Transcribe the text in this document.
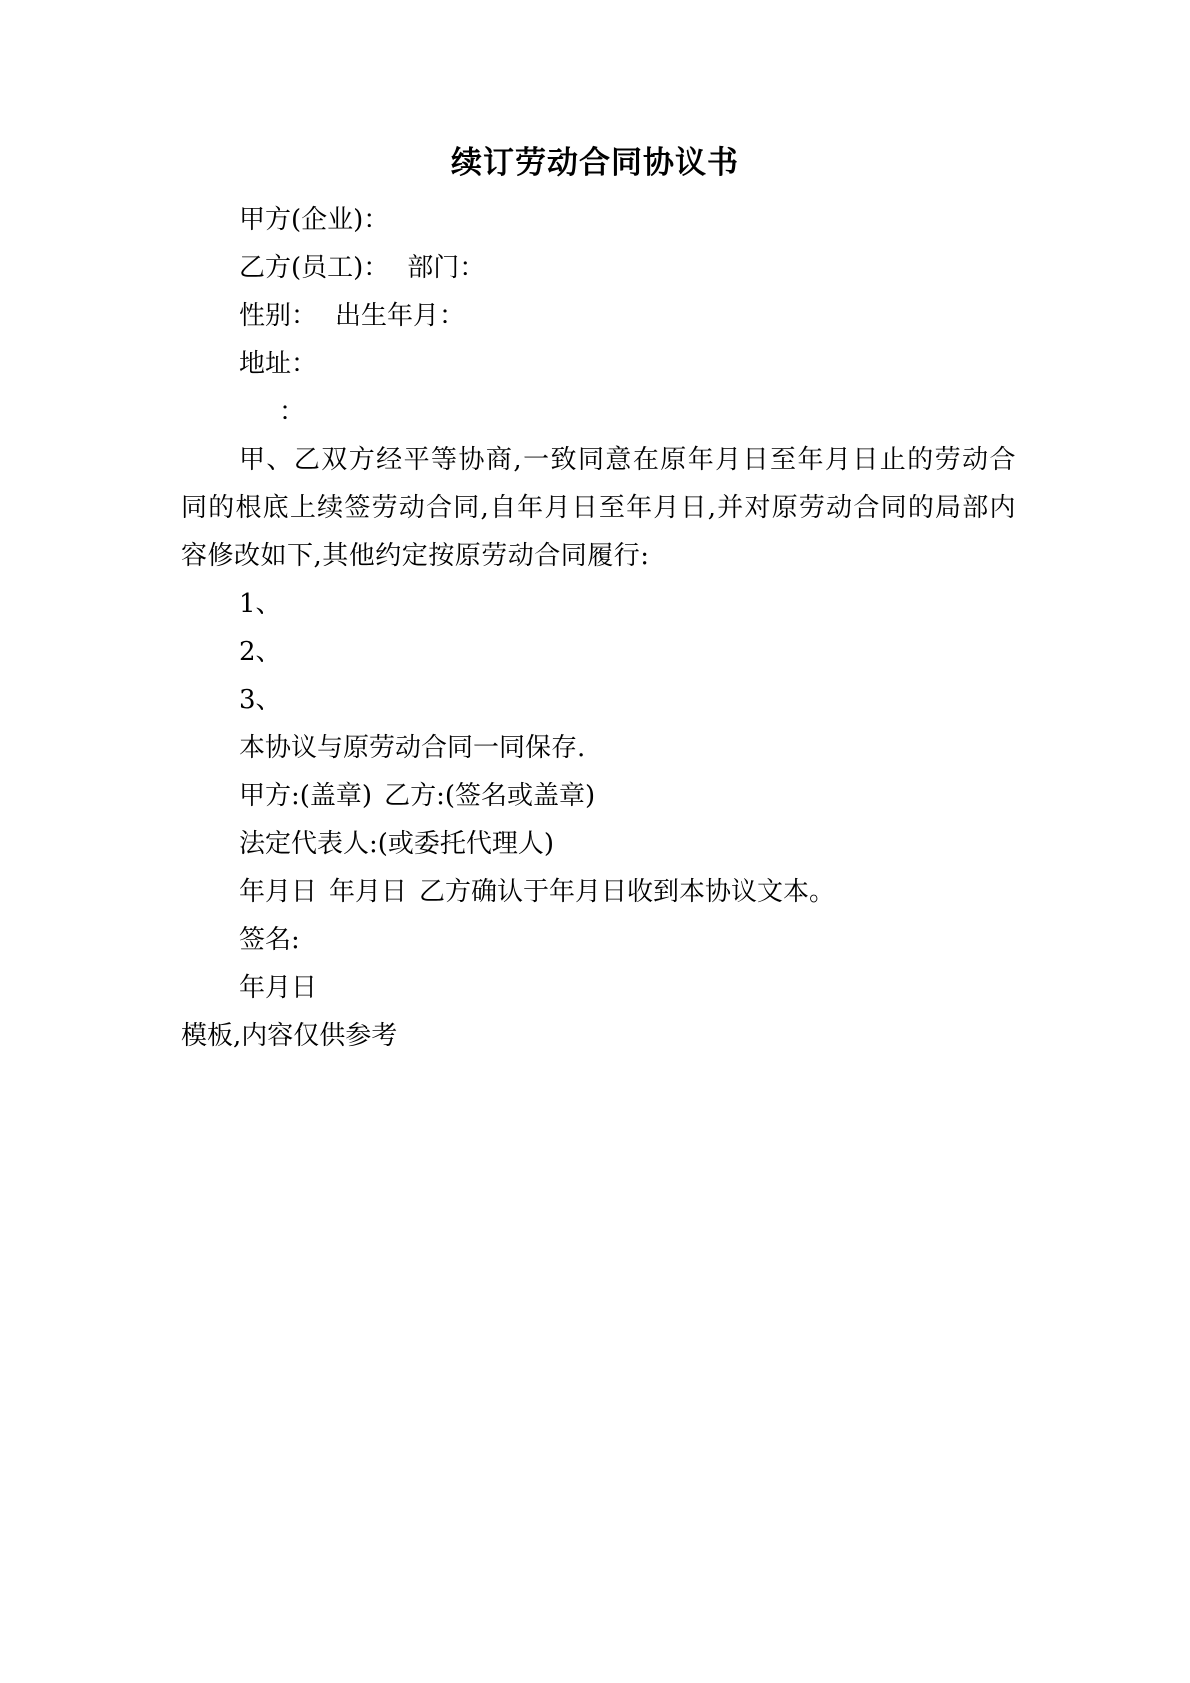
续订劳动合同协议书
甲方(企业)：
乙方(员工)： 部门：
性别： 出生年月：
地址：
：

甲、乙双方经平等协商,一致同意在原年月日至年月日止的劳动合同的根底上续签劳动合同,自年月日至年月日,并对原劳动合同的局部内容修改如下,其他约定按原劳动合同履行:

1、
2、
3、
本协议与原劳动合同一同保存.
甲方:(盖章) 乙方:(签名或盖章)
法定代表人:(或委托代理人)
年月日 年月日 乙方确认于年月日收到本协议文本。
签名:
年月日
模板,内容仅供参考
